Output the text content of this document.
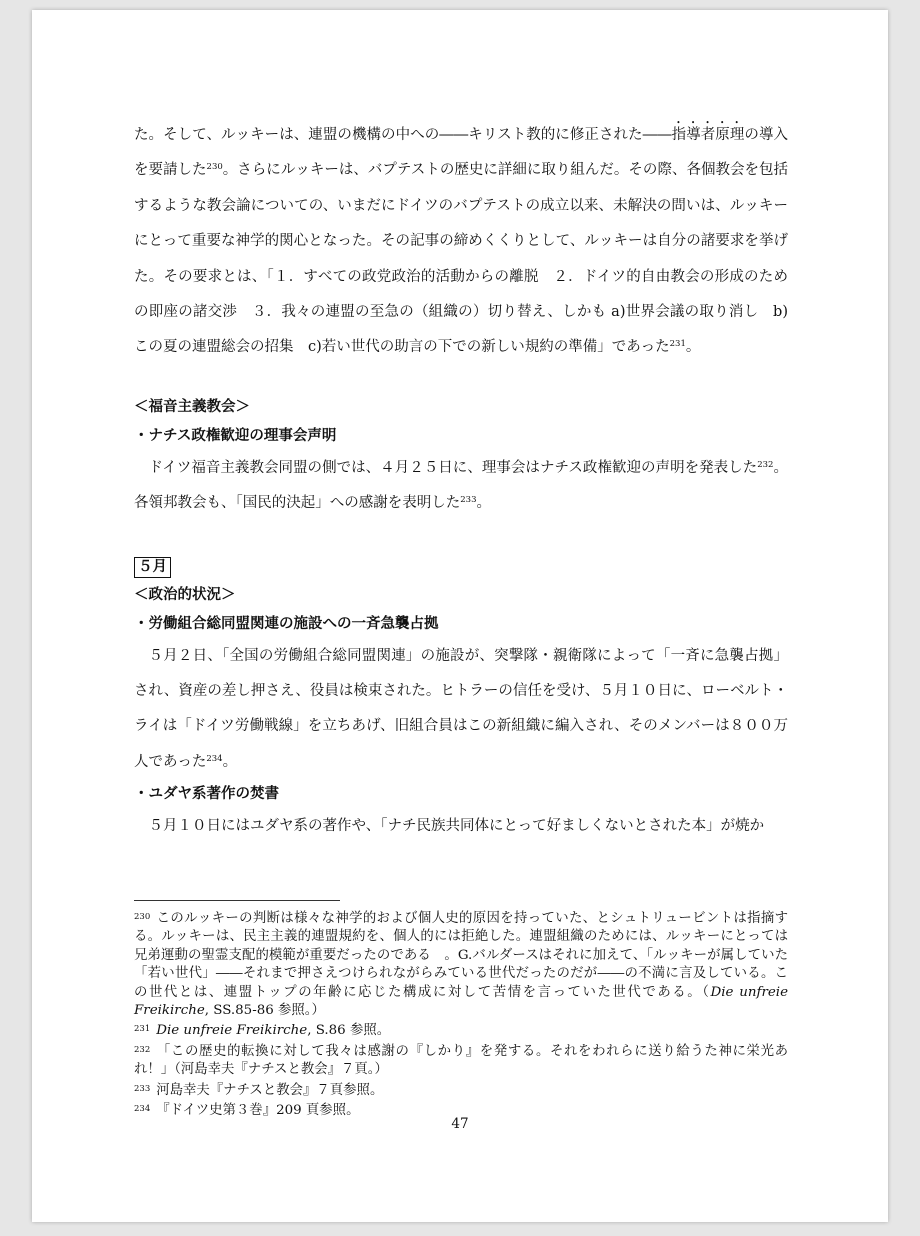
た。そして、ルッキーは、連盟の機構の中への――キリスト教的に修正された――指導者原理の導入を要請した$^{230}$。さらにルッキーは、バプテストの歴史に詳細に取り組んだ。その際、各個教会を包括するような教会論についての、いまだにドイツのバプテストの成立以来、未解決の問いは、ルッキーにとって重要な神学的関心となった。その記事の締めくくりとして、ルッキーは自分の諸要求を挙げた。その要求とは、「１．すべての政党政治的活動からの離脱　２．ドイツ的自由教会の形成のための即座の諸交渉　３．我々の連盟の至急の（組織の）切り替え、しかも a)世界会議の取り消し　b)この夏の連盟総会の招集　c)若い世代の助言の下での新しい規約の準備」であった$^{231}$。

＜福音主義教会＞

・ナチス政権歓迎の理事会声明

ドイツ福音主義教会同盟の側では、４月２５日に、理事会はナチス政権歓迎の声明を発表した$^{232}$。各領邦教会も、「国民的決起」への感謝を表明した$^{233}$。

５月

＜政治的状況＞

・労働組合総同盟関連の施設への一斉急襲占拠

５月２日、「全国の労働組合総同盟関連」の施設が、突撃隊・親衛隊によって「一斉に急襲占拠」され、資産の差し押さえ、役員は検束された。ヒトラーの信任を受け、５月１０日に、ローベルト・ライは「ドイツ労働戦線」を立ちあげ、旧組合員はこの新組織に編入され、そのメンバーは８００万人であった$^{234}$。

・ユダヤ系著作の焚書

５月１０日にはユダヤ系の著作や、「ナチ民族共同体にとって好ましくないとされた本」が焼か

$^{230}$ このルッキーの判断は様々な神学的および個人史的原因を持っていた、とシュトリュービントは指摘する。ルッキーは、民主主義的連盟規約を、個人的には拒絶した。連盟組織のためには、ルッキーにとっては兄弟運動の聖霊支配的模範が重要だったのである　。G.バルダースはそれに加えて、「ルッキーが属していた「若い世代」――それまで押さえつけられながらみている世代だったのだが――の不満に言及している。この世代とは、連盟トップの年齢に応じた構成に対して苦情を言っていた世代である。（Die unfreie Freikirche, SS.85-86 参照。）

$^{231}$ Die unfreie Freikirche, S.86 参照。

$^{232}$ 「この歴史的転換に対して我々は感謝の『しかり』を発する。それをわれらに送り給うた神に栄光あれ！」（河島幸夫『ナチスと教会』７頁。）

$^{233}$ 河島幸夫『ナチスと教会』７頁参照。

$^{234}$ 『ドイツ史第３巻』209 頁参照。

47
